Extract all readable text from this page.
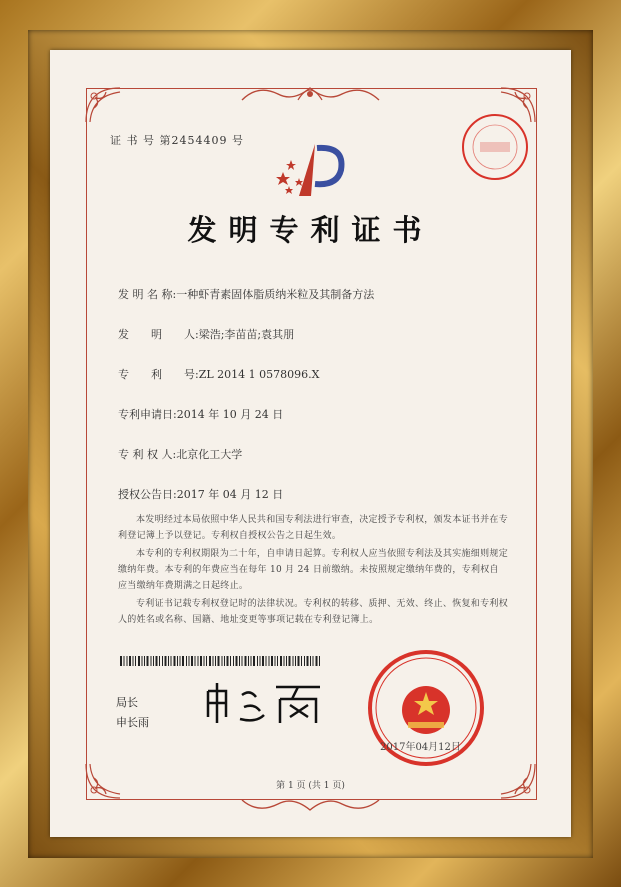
证 书 号 第2454409 号
发明专利证书
发 明 名 称:一种虾青素固体脂质纳米粒及其制备方法
发　　明　　人:梁浩;李苗苗;袁其朋
专　　利　　号:ZL 2014 1 0578096.X
专利申请日:2014 年 10 月 24 日
专 利 权 人:北京化工大学
授权公告日:2017 年 04 月 12 日
本发明经过本局依照中华人民共和国专利法进行审查，决定授予专利权，颁发本证书并在专利登记簿上予以登记。专利权自授权公告之日起生效。
本专利的专利权期限为二十年，自申请日起算。专利权人应当依照专利法及其实施细则规定缴纳年费。本专利的年费应当在每年 10 月 24 日前缴纳。未按照规定缴纳年费的，专利权自应当缴纳年费期满之日起终止。
专利证书记载专利权登记时的法律状况。专利权的转移、质押、无效、终止、恢复和专利权人的姓名或名称、国籍、地址变更等事项记载在专利登记簿上。
局长
申长雨
2017年04月12日
第 1 页 (共 1 页)
